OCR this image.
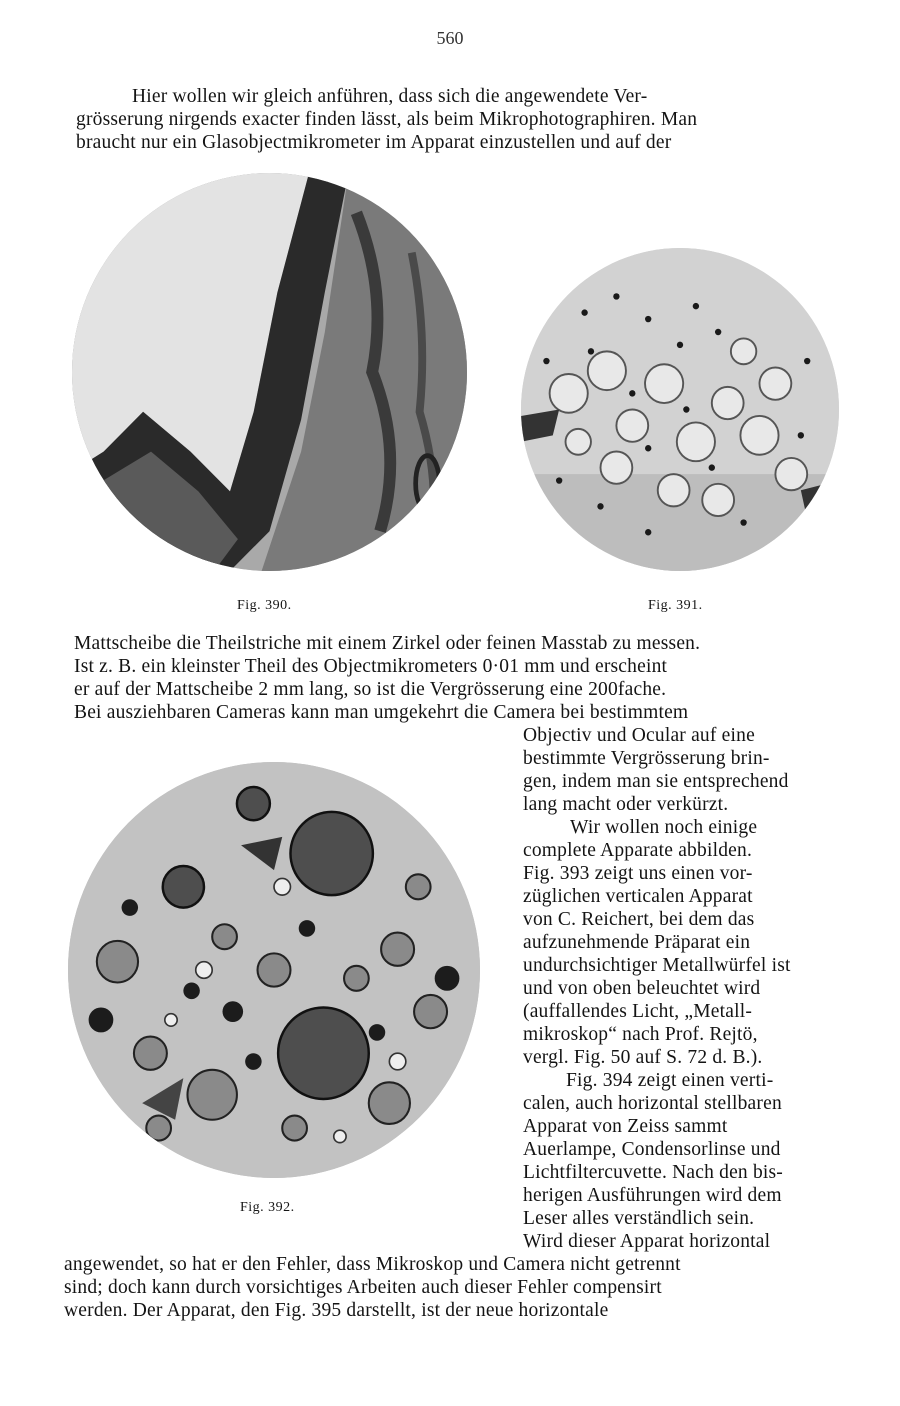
560
Hier wollen wir gleich anführen, dass sich die angewendete Ver-
grösserung nirgends exacter finden lässt, als beim Mikrophotographiren. Man
braucht nur ein Glasobjectmikrometer im Apparat einzustellen und auf der
Fig. 390.	Fig. 391.
Mattscheibe die Theilstriche mit einem Zirkel oder feinen Masstab zu messen.
Ist z. B. ein kleinster Theil des Objectmikrometers 0·01 mm und erscheint
er auf der Mattscheibe 2 mm lang, so ist die Vergrösserung eine 200fache.
Bei ausziehbaren Cameras kann man umgekehrt die Camera bei bestimmtem
Fig. 392.
Objectiv und Ocular auf eine
bestimmte Vergrösserung brin-
gen, indem man sie entsprechend
lang macht oder verkürzt.
Wir wollen noch einige
complete Apparate abbilden.
Fig. 393 zeigt uns einen vor-
züglichen verticalen Apparat
von C. Reichert, bei dem das
aufzunehmende Präparat ein
undurchsichtiger Metallwürfel ist
und von oben beleuchtet wird
(auffallendes Licht, „Metall-
mikroskop“ nach Prof. Rejtö,
vergl. Fig. 50 auf S. 72 d. B.).
Fig. 394 zeigt einen verti-
calen, auch horizontal stellbaren
Apparat von Zeiss sammt
Auerlampe, Condensorlinse und
Lichtfiltercuvette. Nach den bis-
herigen Ausführungen wird dem
Leser alles verständlich sein.
Wird dieser Apparat horizontal
angewendet, so hat er den Fehler, dass Mikroskop und Camera nicht getrennt
sind; doch kann durch vorsichtiges Arbeiten auch dieser Fehler compensirt
werden. Der Apparat, den Fig. 395 darstellt, ist der neue horizontale
